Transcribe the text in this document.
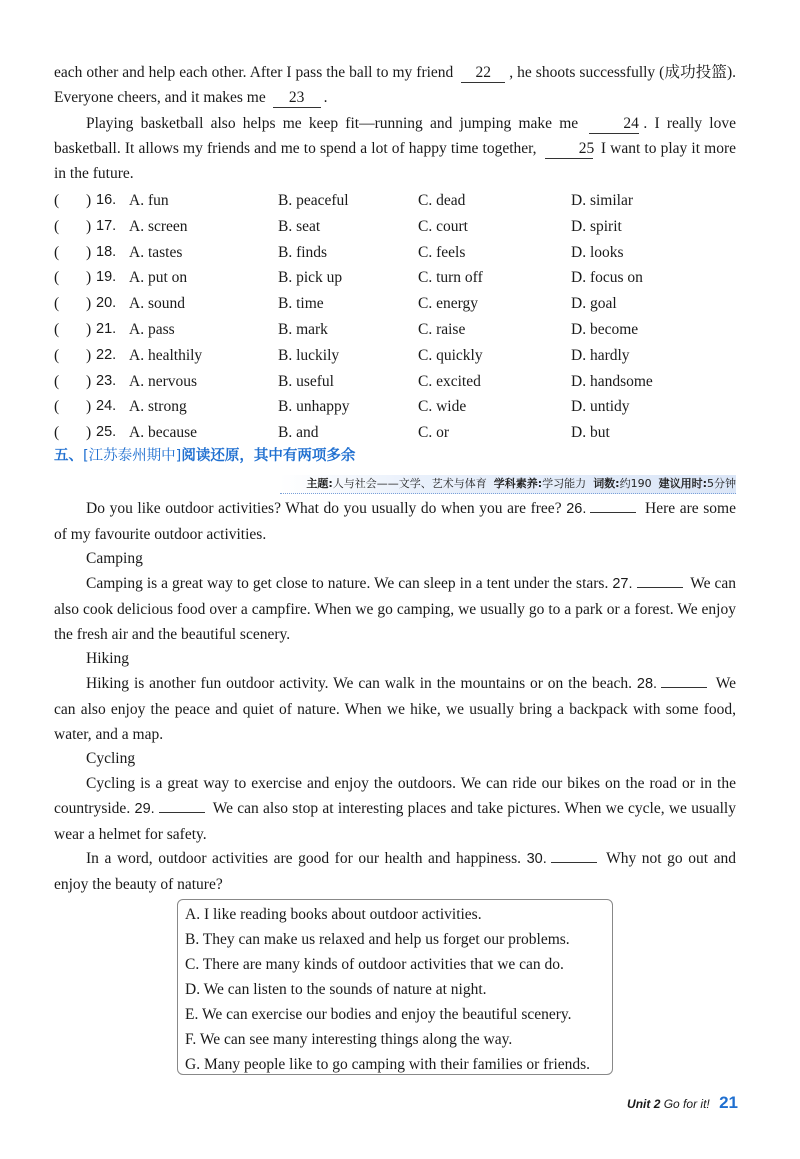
each other and help each other. After I pass the ball to my friend 22 , he shoots successfully (成功投篮). Everyone cheers, and it makes me 23 .
Playing basketball also helps me keep fit—running and jumping make me	24 . I really love basketball. It allows my friends and me to spend a lot of happy time together,	25 I want to play it more in the future.
( ) 16. A. fun	B. peaceful	C. dead	D. similar
( ) 17. A. screen	B. seat	C. court	D. spirit
( ) 18. A. tastes	B. finds	C. feels	D. looks
( ) 19. A. put on	B. pick up	C. turn off	D. focus on
( ) 20. A. sound	B. time	C. energy	D. goal
( ) 21. A. pass	B. mark	C. raise	D. become
( ) 22. A. healthily	B. luckily	C. quickly	D. hardly
( ) 23. A. nervous	B. useful	C. excited	D. handsome
( ) 24. A. strong	B. unhappy	C. wide	D. untidy
( ) 25. A. because	B. and	C. or	D. but
五、[江苏泰州期中]阅读还原，其中有两项多余
主题:人与社会——文学、艺术与体育 学科素养:学习能力 词数:约190 建议用时:5分钟
Do you like outdoor activities? What do you usually do when you are free? 26.	Here are some of my favourite outdoor activities.
Camping
Camping is a great way to get close to nature. We can sleep in a tent under the stars. 27.	We can also cook delicious food over a campfire. When we go camping, we usually go to a park or a forest. We enjoy the fresh air and the beautiful scenery.
Hiking
Hiking is another fun outdoor activity. We can walk in the mountains or on the beach. 28.	We can also enjoy the peace and quiet of nature. When we hike, we usually bring a backpack with some food, water, and a map.
Cycling
Cycling is a great way to exercise and enjoy the outdoors. We can ride our bikes on the road or in the countryside. 29.	We can also stop at interesting places and take pictures. When we cycle, we usually wear a helmet for safety.
In a word, outdoor activities are good for our health and happiness. 30.	Why not go out and enjoy the beauty of nature?
A. I like reading books about outdoor activities.
B. They can make us relaxed and help us forget our problems.
C. There are many kinds of outdoor activities that we can do.
D. We can listen to the sounds of nature at night.
E. We can exercise our bodies and enjoy the beautiful scenery.
F. We can see many interesting things along the way.
G. Many people like to go camping with their families or friends.
Unit 2 Go for it! 21
